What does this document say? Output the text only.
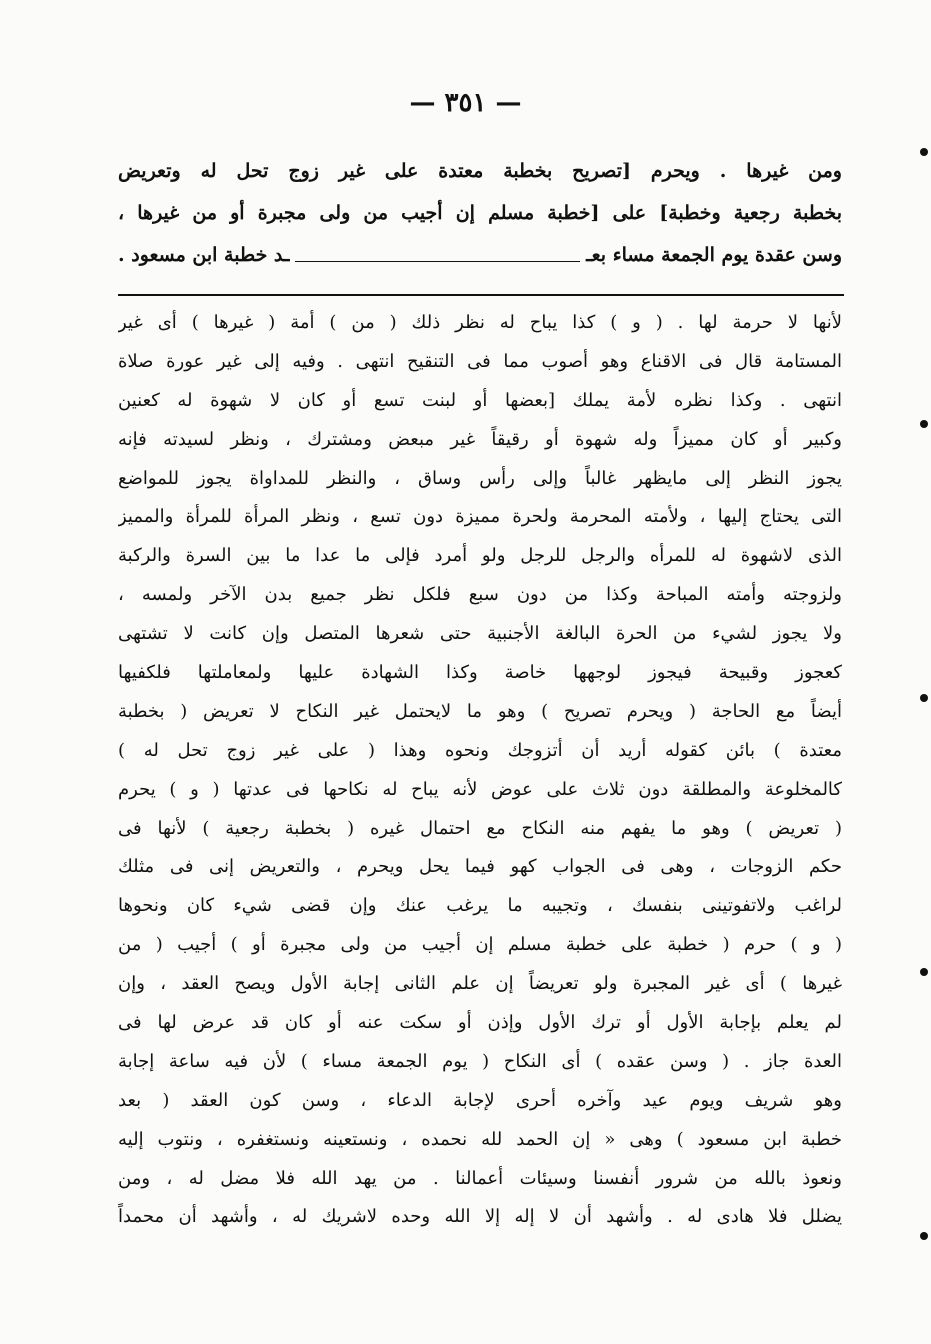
— ٣٥١ —
ومن غيرها . ويحرم [تصريح بخطبة معتدة على غير زوج تحل له وتعريض
بخطبة رجعية وخطبة] على [خطبة مسلم إن أجيب من ولى مجبرة أو من غيرها ،
وسن عقدة يوم الجمعة مساء بعـ
ـد خطبة ابن مسعود .
لأنها لا حرمة لها . ( و ) كذا يباح له نظر ذلك ( من ) أمة ( غيرها ) أى غير
المستامة قال فى الاقناع وهو أصوب مما فى التنقيح انتهى . وفيه إلى غير عورة صلاة
انتهى . وكذا نظره لأمة يملك [بعضها أو لبنت تسع أو كان لا شهوة له كعنين
وكبير أو كان مميزاً وله شهوة أو رقيقاً غير مبعض ومشترك ، ونظر لسيدته فإنه
يجوز النظر إلى مايظهر غالباً وإلى رأس وساق ، والنظر للمداواة يجوز للمواضع
التى يحتاج إليها ، ولأمته المحرمة ولحرة مميزة دون تسع ، ونظر المرأة للمرأة والمميز
الذى لاشهوة له للمرأه والرجل للرجل ولو أمرد فإلى ما عدا ما بين السرة والركبة
ولزوجته وأمته المباحة وكذا من دون سبع فلكل نظر جميع بدن الآخر ولمسه ،
ولا يجوز لشيء من الحرة البالغة الأجنبية حتى شعرها المتصل وإن كانت لا تشتهى
كعجوز وقبيحة فيجوز لوجهها خاصة وكذا الشهادة عليها ولمعاملتها فلكفيها
أيضاً مع الحاجة ( ويحرم تصريح ) وهو ما لايحتمل غير النكاح لا تعريض ( بخطبة
معتدة ) بائن كقوله أريد أن أتزوجك ونحوه وهذا ( على غير زوج تحل له )
كالمخلوعة والمطلقة دون ثلاث على عوض لأنه يباح له نكاحها فى عدتها ( و ) يحرم
( تعريض ) وهو ما يفهم منه النكاح مع احتمال غيره ( بخطبة رجعية ) لأنها فى
حكم الزوجات ، وهى فى الجواب كهو فيما يحل ويحرم ، والتعريض إنى فى مثلك
لراغب ولاتفوتينى بنفسك ، وتجيبه ما يرغب عنك وإن قضى شيء كان ونحوها
( و ) حرم ( خطبة على خطبة مسلم إن أجيب من ولى مجبرة أو ) أجيب ( من
غيرها ) أى غير المجبرة ولو تعريضاً إن علم الثانى إجابة الأول ويصح العقد ، وإن
لم يعلم بإجابة الأول أو ترك الأول وإذن أو سكت عنه أو كان قد عرض لها فى
العدة جاز . ( وسن عقده ) أى النكاح ( يوم الجمعة مساء ) لأن فيه ساعة إجابة
وهو شريف ويوم عيد وآخره أحرى لإجابة الدعاء ، وسن كون العقد ( بعد
خطبة ابن مسعود ) وهى « إن الحمد لله نحمده ، ونستعينه ونستغفره ، ونتوب إليه
ونعوذ بالله من شرور أنفسنا وسيئات أعمالنا . من يهد الله فلا مضل له ، ومن
يضلل فلا هادى له . وأشهد أن لا إله إلا الله وحده لاشريك له ، وأشهد أن محمداً
